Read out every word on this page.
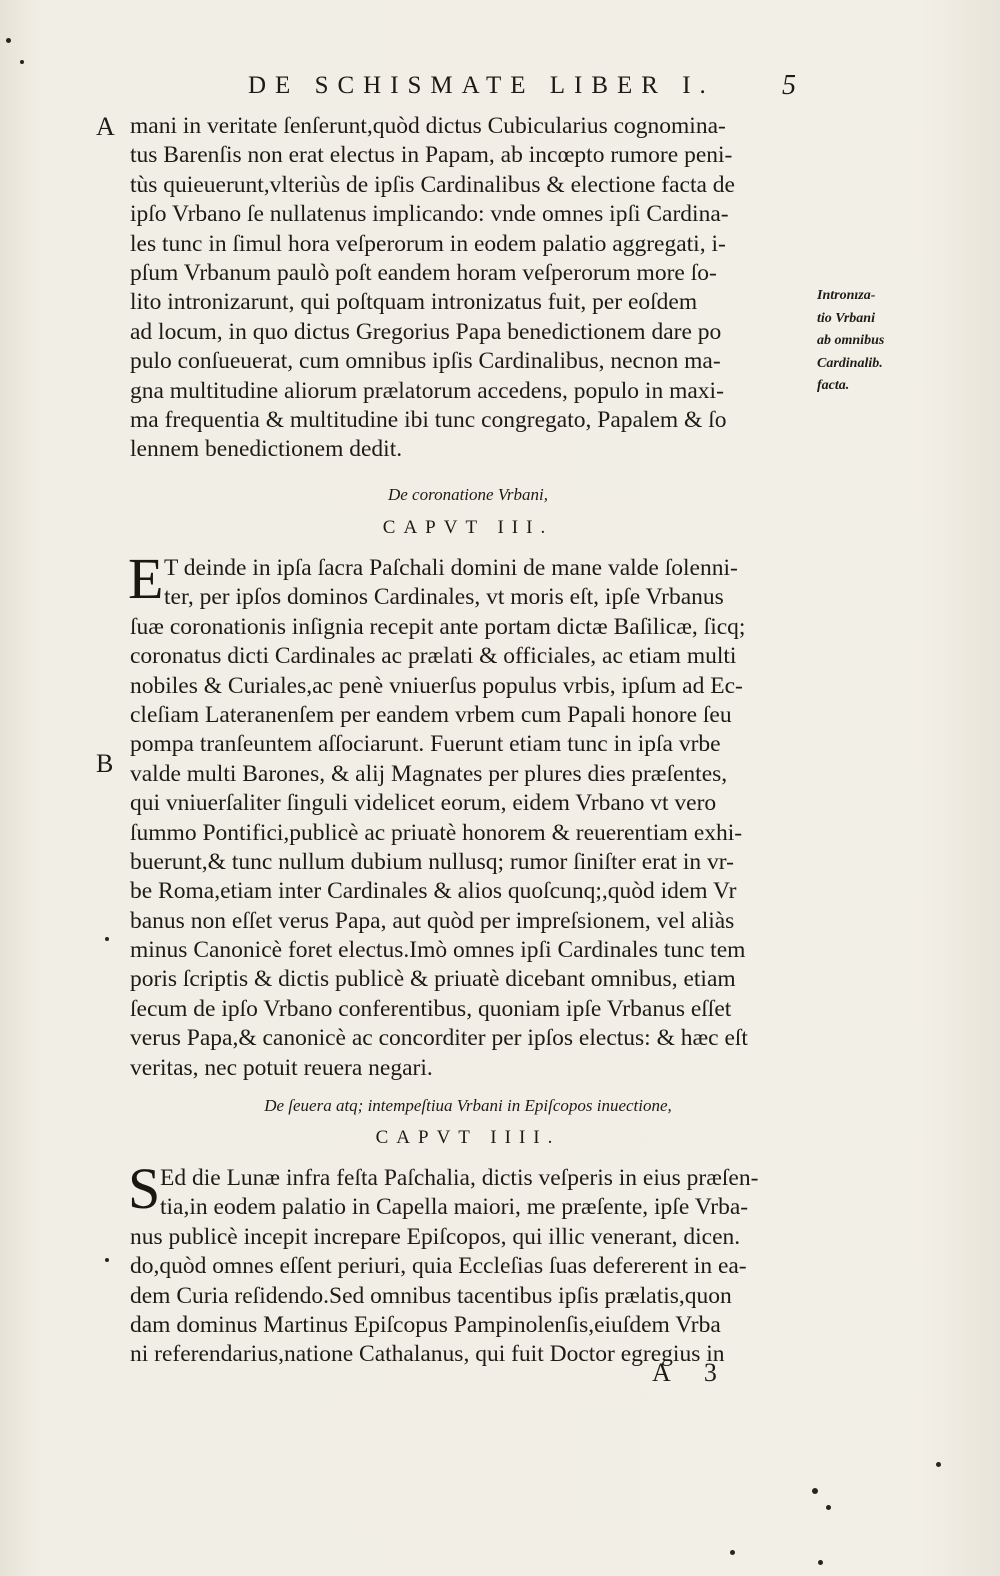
DE SCHISMATE LIBER I.	5
A
B
mani in veritate ſenſerunt,quòd dictus Cubicularius cognomina-
tus Barenſis non erat electus in Papam, ab incœpto rumore peni-
tùs quieuerunt,vlteriùs de ipſis Cardinalibus & electione facta de
ipſo Vrbano ſe nullatenus implicando: vnde omnes ipſi Cardina-
les tunc in ſimul hora veſperorum in eodem palatio aggregati, i-
pſum Vrbanum paulò poſt eandem horam veſperorum more ſo-
lito intronizarunt, qui poſtquam intronizatus fuit, per eoſdem
ad locum, in quo dictus Gregorius Papa benedictionem dare po
pulo conſueuerat, cum omnibus ipſis Cardinalibus, necnon ma-
gna multitudine aliorum prælatorum accedens, populo in maxi-
ma frequentia & multitudine ibi tunc congregato, Papalem & ſo
lennem benedictionem dedit.
Intronıza-
tio Vrbani
ab omnibus
Cardinalib.
facta.
De coronatione Vrbani,
CAPVT III.
E T deinde in ipſa ſacra Paſchali domini de mane valde ſolenni-
ter, per ipſos dominos Cardinales, vt moris eſt, ipſe Vrbanus
ſuæ coronationis inſignia recepit ante portam dictæ Baſilicæ, ſicq;
coronatus dicti Cardinales ac prælati & officiales, ac etiam multi
nobiles & Curiales,ac penè vniuerſus populus vrbis, ipſum ad Ec-
cleſiam Lateranenſem per eandem vrbem cum Papali honore ſeu
pompa tranſeuntem aſſociarunt. Fuerunt etiam tunc in ipſa vrbe
valde multi Barones, & alij Magnates per plures dies præſentes,
qui vniuerſaliter ſinguli videlicet eorum, eidem Vrbano vt vero
ſummo Pontifici,publicè ac priuatè honorem & reuerentiam exhi-
buerunt,& tunc nullum dubium nullusq; rumor ſiniſter erat in vr-
be Roma,etiam inter Cardinales & alios quoſcunq;,quòd idem Vr
banus non eſſet verus Papa, aut quòd per impreſsionem, vel aliàs
minus Canonicè foret electus.Imò omnes ipſi Cardinales tunc tem
poris ſcriptis & dictis publicè & priuatè dicebant omnibus, etiam
ſecum de ipſo Vrbano conferentibus, quoniam ipſe Vrbanus eſſet
verus Papa,& canonicè ac concorditer per ipſos electus: & hæc eſt
veritas, nec potuit reuera negari.
De ſeuera atq; intempeſtiua Vrbani in Epiſcopos inuectione,
CAPVT IIII.
S Ed die Lunæ infra feſta Paſchalia, dictis veſperis in eius præſen-
tia,in eodem palatio in Capella maiori, me præſente, ipſe Vrba-
nus publicè incepit increpare Epiſcopos, qui illic venerant, dicen.
do,quòd omnes eſſent periuri, quia Eccleſias ſuas defererent in ea-
dem Curia reſidendo.Sed omnibus tacentibus ipſis prælatis,quon
dam dominus Martinus Epiſcopus Pampinolenſis,eiuſdem Vrba
ni referendarius,natione Cathalanus, qui fuit Doctor egregius in
A 3
